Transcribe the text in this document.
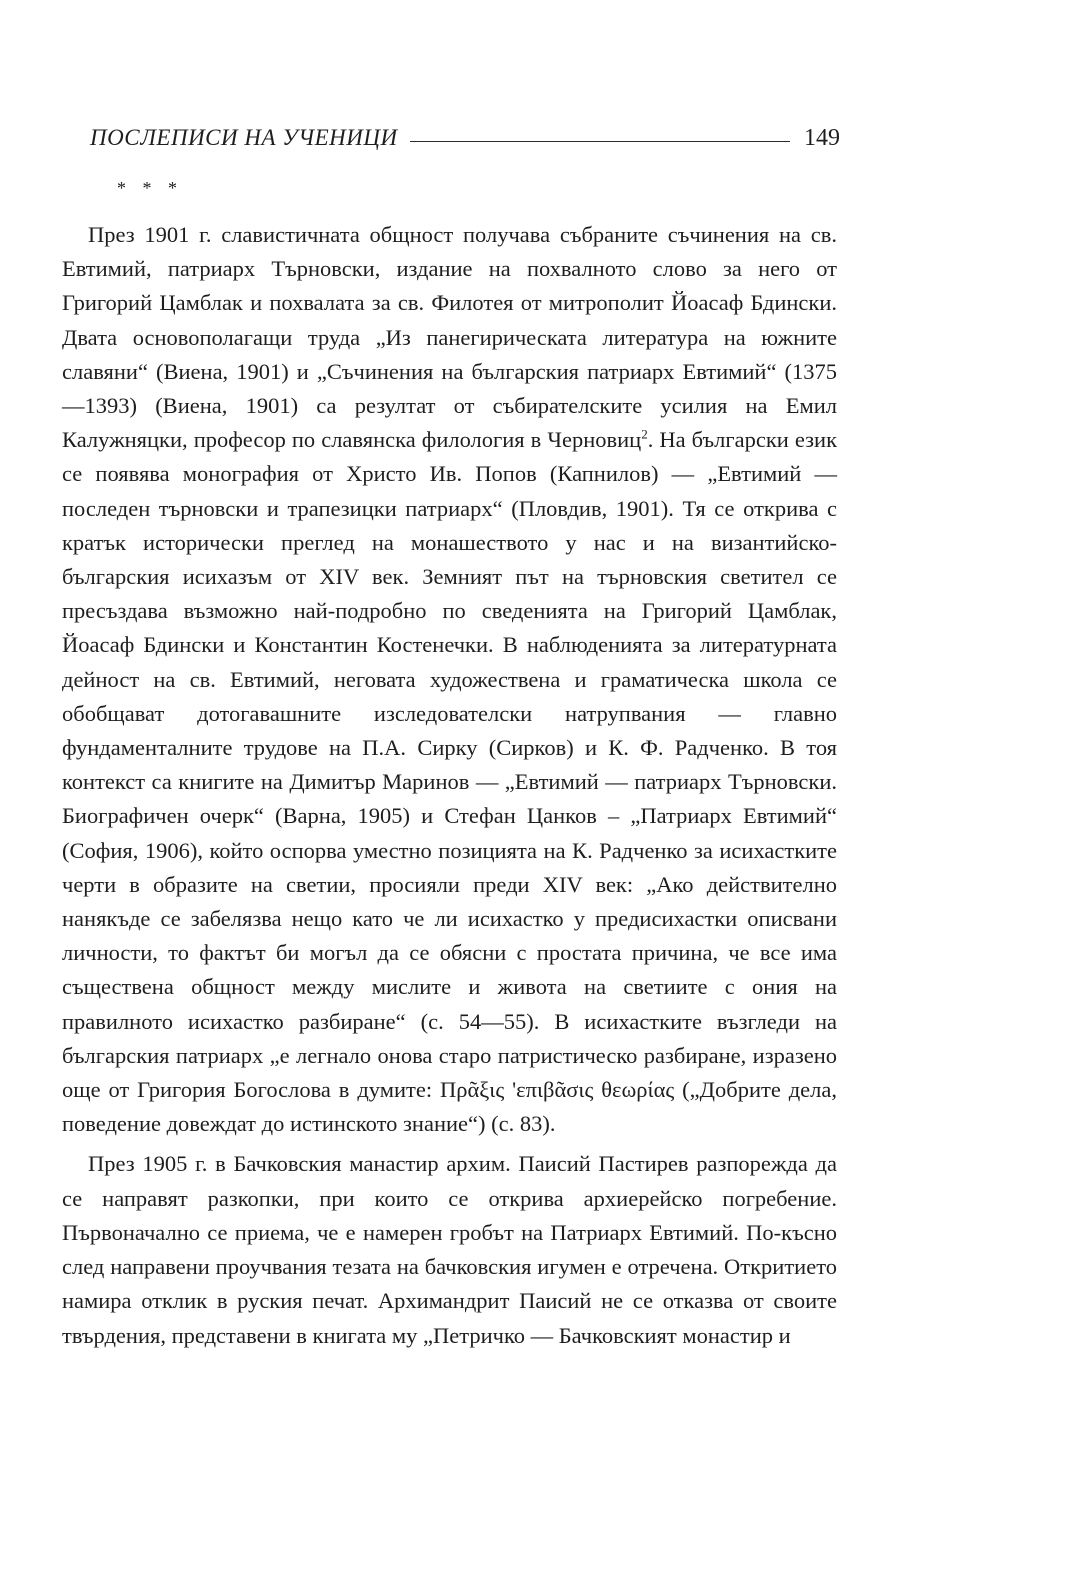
ПОСЛЕПИСИ НА УЧЕНИЦИ	149
* * *

През 1901 г. славистичната общност получава събраните съчинения на св. Евтимий, патриарх Търновски, издание на похвалното слово за него от Григорий Цамблак и похвалата за св. Филотея от митрополит Йоасаф Бдински. Двата основополагащи труда „Из панегирическата литература на южните славяни“ (Виена, 1901) и „Съчинения на българския патриарх Евтимий“ (1375—1393) (Виена, 1901) са резултат от събирателските усилия на Емил Калужняцки, професор по славянска филология в Черновиц$^2$. На български език се появява монография от Христо Ив. Попов (Капнилов) — „Евтимий — последен търновски и трапезицки патриарх“ (Пловдив, 1901). Тя се открива с кратък исторически преглед на монашеството у нас и на византийско-българския исихазъм от XIV век. Земният път на търновския светител се пресъздава възможно най-подробно по сведенията на Григорий Цамблак, Йоасаф Бдински и Константин Костенечки. В наблюденията за литературната дейност на св. Евтимий, неговата художествена и граматическа школа се обобщават дотогавашните изследователски натрупвания — главно фундаменталните трудове на П.А. Сирку (Сирков) и К. Ф. Радченко. В тоя контекст са книгите на Димитър Маринов — „Евтимий — патриарх Търновски. Биографичен очерк“ (Варна, 1905) и Стефан Цанков – „Патриарх Евтимий“ (София, 1906), който оспорва уместно позицията на К. Радченко за исихастките черти в образите на светии, просияли преди XIV век: „Ако действително нанякъде се забелязва нещо като че ли исихастко у предисихастки описвани личности, то фактът би могъл да се обясни с простата причина, че все има съществена общност между мислите и живота на светиите с ония на правилното исихастко разбиране“ (с. 54—55). В исихастките възгледи на българския патриарх „е легнало онова старо патристическо разбиране, изразено още от Григория Богослова в думите: Πρᾶξις 'επιβᾶσις θεωρίας („Добрите дела, поведение довеждат до истинското знание“) (с. 83).

През 1905 г. в Бачковския манастир архим. Паисий Пастирев разпорежда да се направят разкопки, при които се открива архиерейско погребение. Първоначално се приема, че е намерен гробът на Патриарх Евтимий. По-късно след направени проучвания тезата на бачковския игумен е отречена. Откритието намира отклик в руския печат. Архимандрит Паисий не се отказва от своите твърдения, представени в книгата му „Петричко — Бачковският монастир и
